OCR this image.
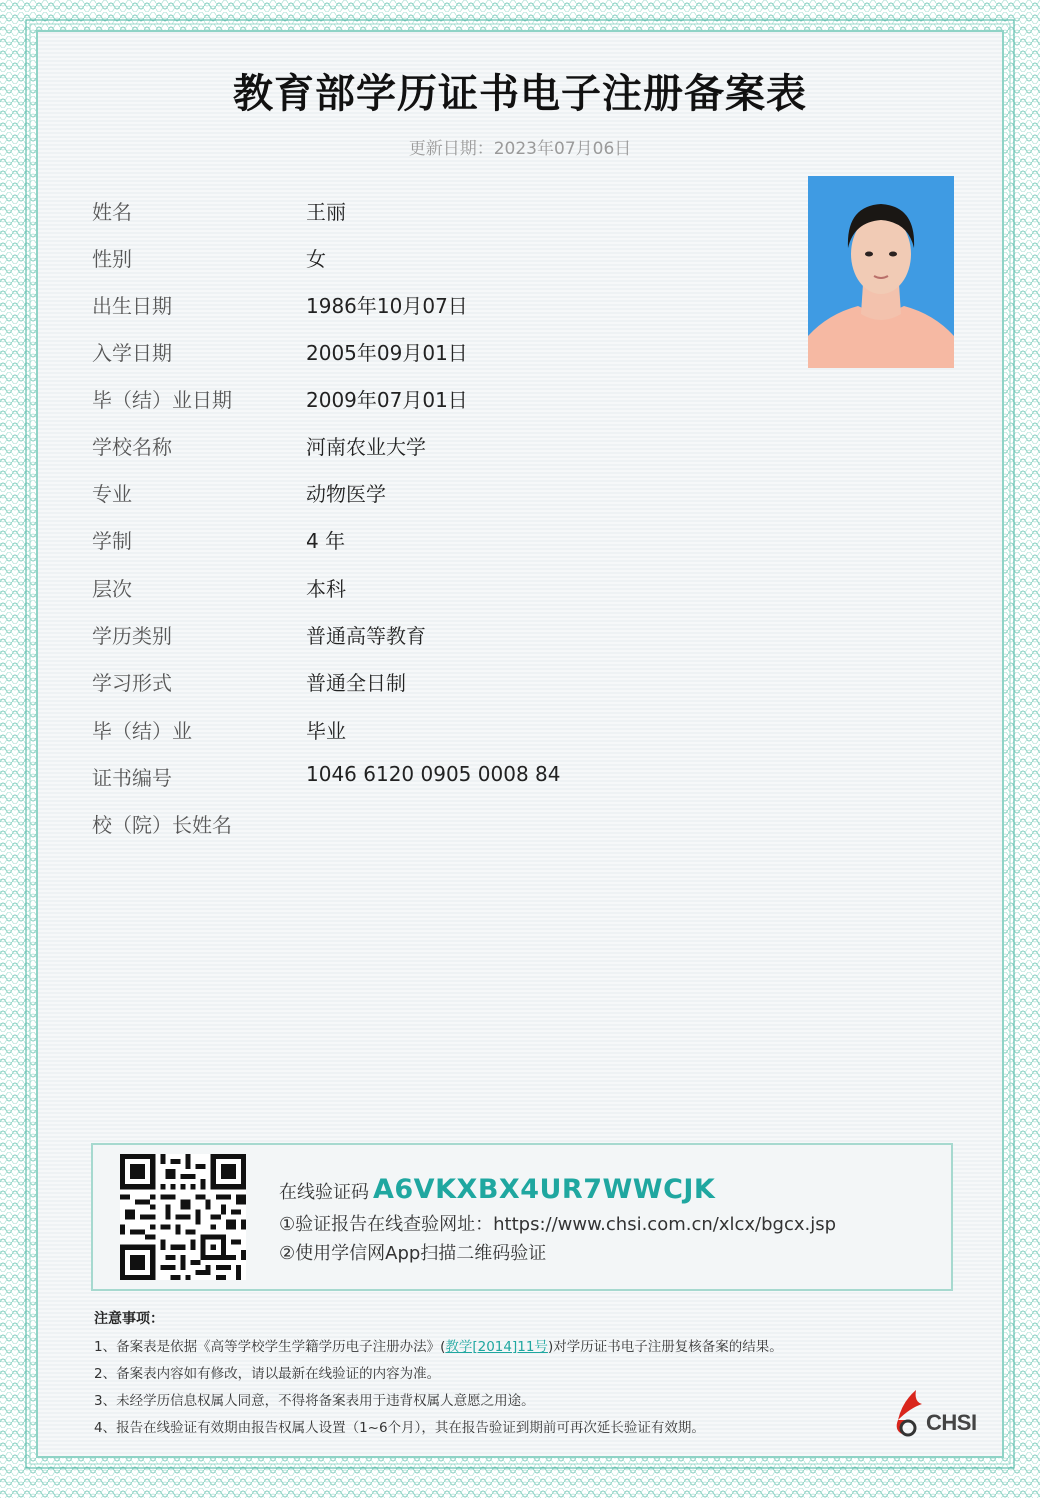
教育部学历证书电子注册备案表
更新日期：2023年07月06日
姓名	王丽
性别	女
出生日期	1986年10月07日
入学日期	2005年09月01日
毕（结）业日期	2009年07月01日
学校名称	河南农业大学
专业	动物医学
学制	4 年
层次	本科
学历类别	普通高等教育
学习形式	普通全日制
毕（结）业	毕业
证书编号	1046 6120 0905 0008 84
校（院）长姓名
在线验证码 A6VKXBX4UR7WWCJK
①验证报告在线查验网址：https://www.chsi.com.cn/xlcx/bgcx.jsp
②使用学信网App扫描二维码验证
注意事项：
1、备案表是依据《高等学校学生学籍学历电子注册办法》(教学[2014]11号)对学历证书电子注册复核备案的结果。
2、备案表内容如有修改，请以最新在线验证的内容为准。
3、未经学历信息权属人同意，不得将备案表用于违背权属人意愿之用途。
4、报告在线验证有效期由报告权属人设置（1~6个月），其在报告验证到期前可再次延长验证有效期。	CHSI
